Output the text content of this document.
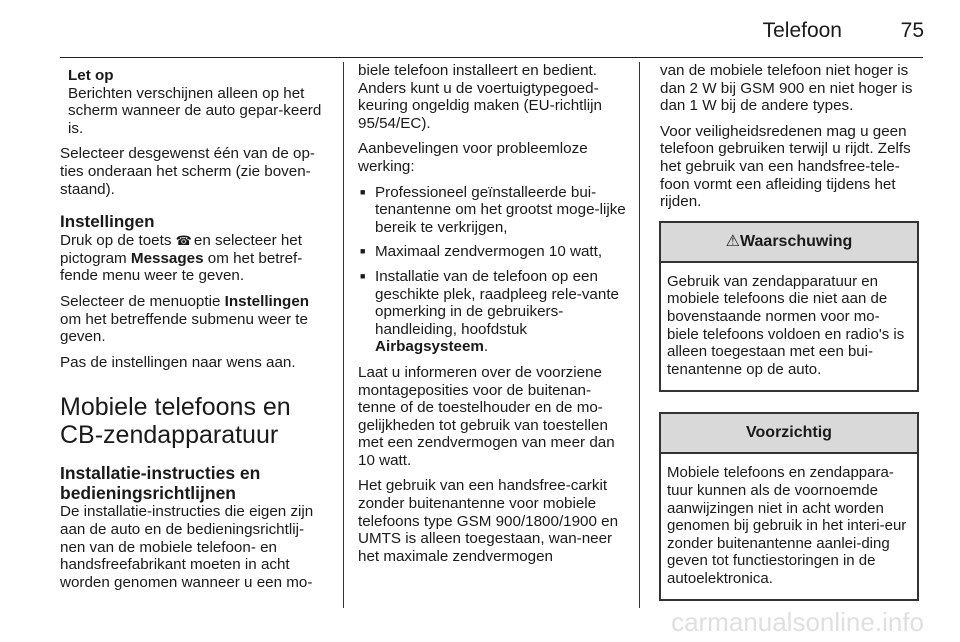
Telefoon	75
Let op
Berichten verschijnen alleen op het scherm wanneer de auto gepar-keerd is.

Selecteer desgewenst één van de op-ties onderaan het scherm (zie boven-staand).

Instellingen

Druk op de toets ☎ en selecteer het pictogram Messages om het betref-fende menu weer te geven.

Selecteer de menuoptie Instellingen om het betreffende submenu weer te geven.

Pas de instellingen naar wens aan.

Mobiele telefoons en CB-zendapparatuur
Installatie-instructies en bedieningsrichtlijnen

De installatie-instructies die eigen zijn aan de auto en de bedieningsrichtlij-nen van de mobiele telefoon- en handsfreefabrikant moeten in acht worden genomen wanneer u een mo-

biele telefoon installeert en bedient. Anders kunt u de voertuigtypegoed-keuring ongeldig maken (EU-richtlijn 95/54/EC).

Aanbevelingen voor probleemloze werking:

■ Professioneel geïnstalleerde bui-tenantenne om het grootst moge-lijke bereik te verkrijgen,
■ Maximaal zendvermogen 10 watt,
■ Installatie van de telefoon op een geschikte plek, raadpleeg rele-vante opmerking in de gebruikers-handleiding, hoofdstuk
Airbagsysteem.

Laat u informeren over de voorziene montageposities voor de buitenan-tenne of de toestelhouder en de mo-gelijkheden tot gebruik van toestellen met een zendvermogen van meer dan 10 watt.

Het gebruik van een handsfree-carkit zonder buitenantenne voor mobiele telefoons type GSM 900/1800/1900 en UMTS is alleen toegestaan, wan-neer het maximale zendvermogen

van de mobiele telefoon niet hoger is dan 2 W bij GSM 900 en niet hoger is dan 1 W bij de andere types.

Voor veiligheidsredenen mag u geen telefoon gebruiken terwijl u rijdt. Zelfs het gebruik van een handsfree-tele-foon vormt een afleiding tijdens het rijden.

⚠Waarschuwing
Gebruik van zendapparatuur en mobiele telefoons die niet aan de bovenstaande normen voor mo-biele telefoons voldoen en radio's is alleen toegestaan met een bui-tenantenne op de auto.
Voorzichtig
Mobiele telefoons en zendappara-tuur kunnen als de voornoemde aanwijzingen niet in acht worden genomen bij gebruik in het interi-eur zonder buitenantenne aanlei-ding geven tot functiestoringen in de autoelektronica.
carmanualsonline.info
